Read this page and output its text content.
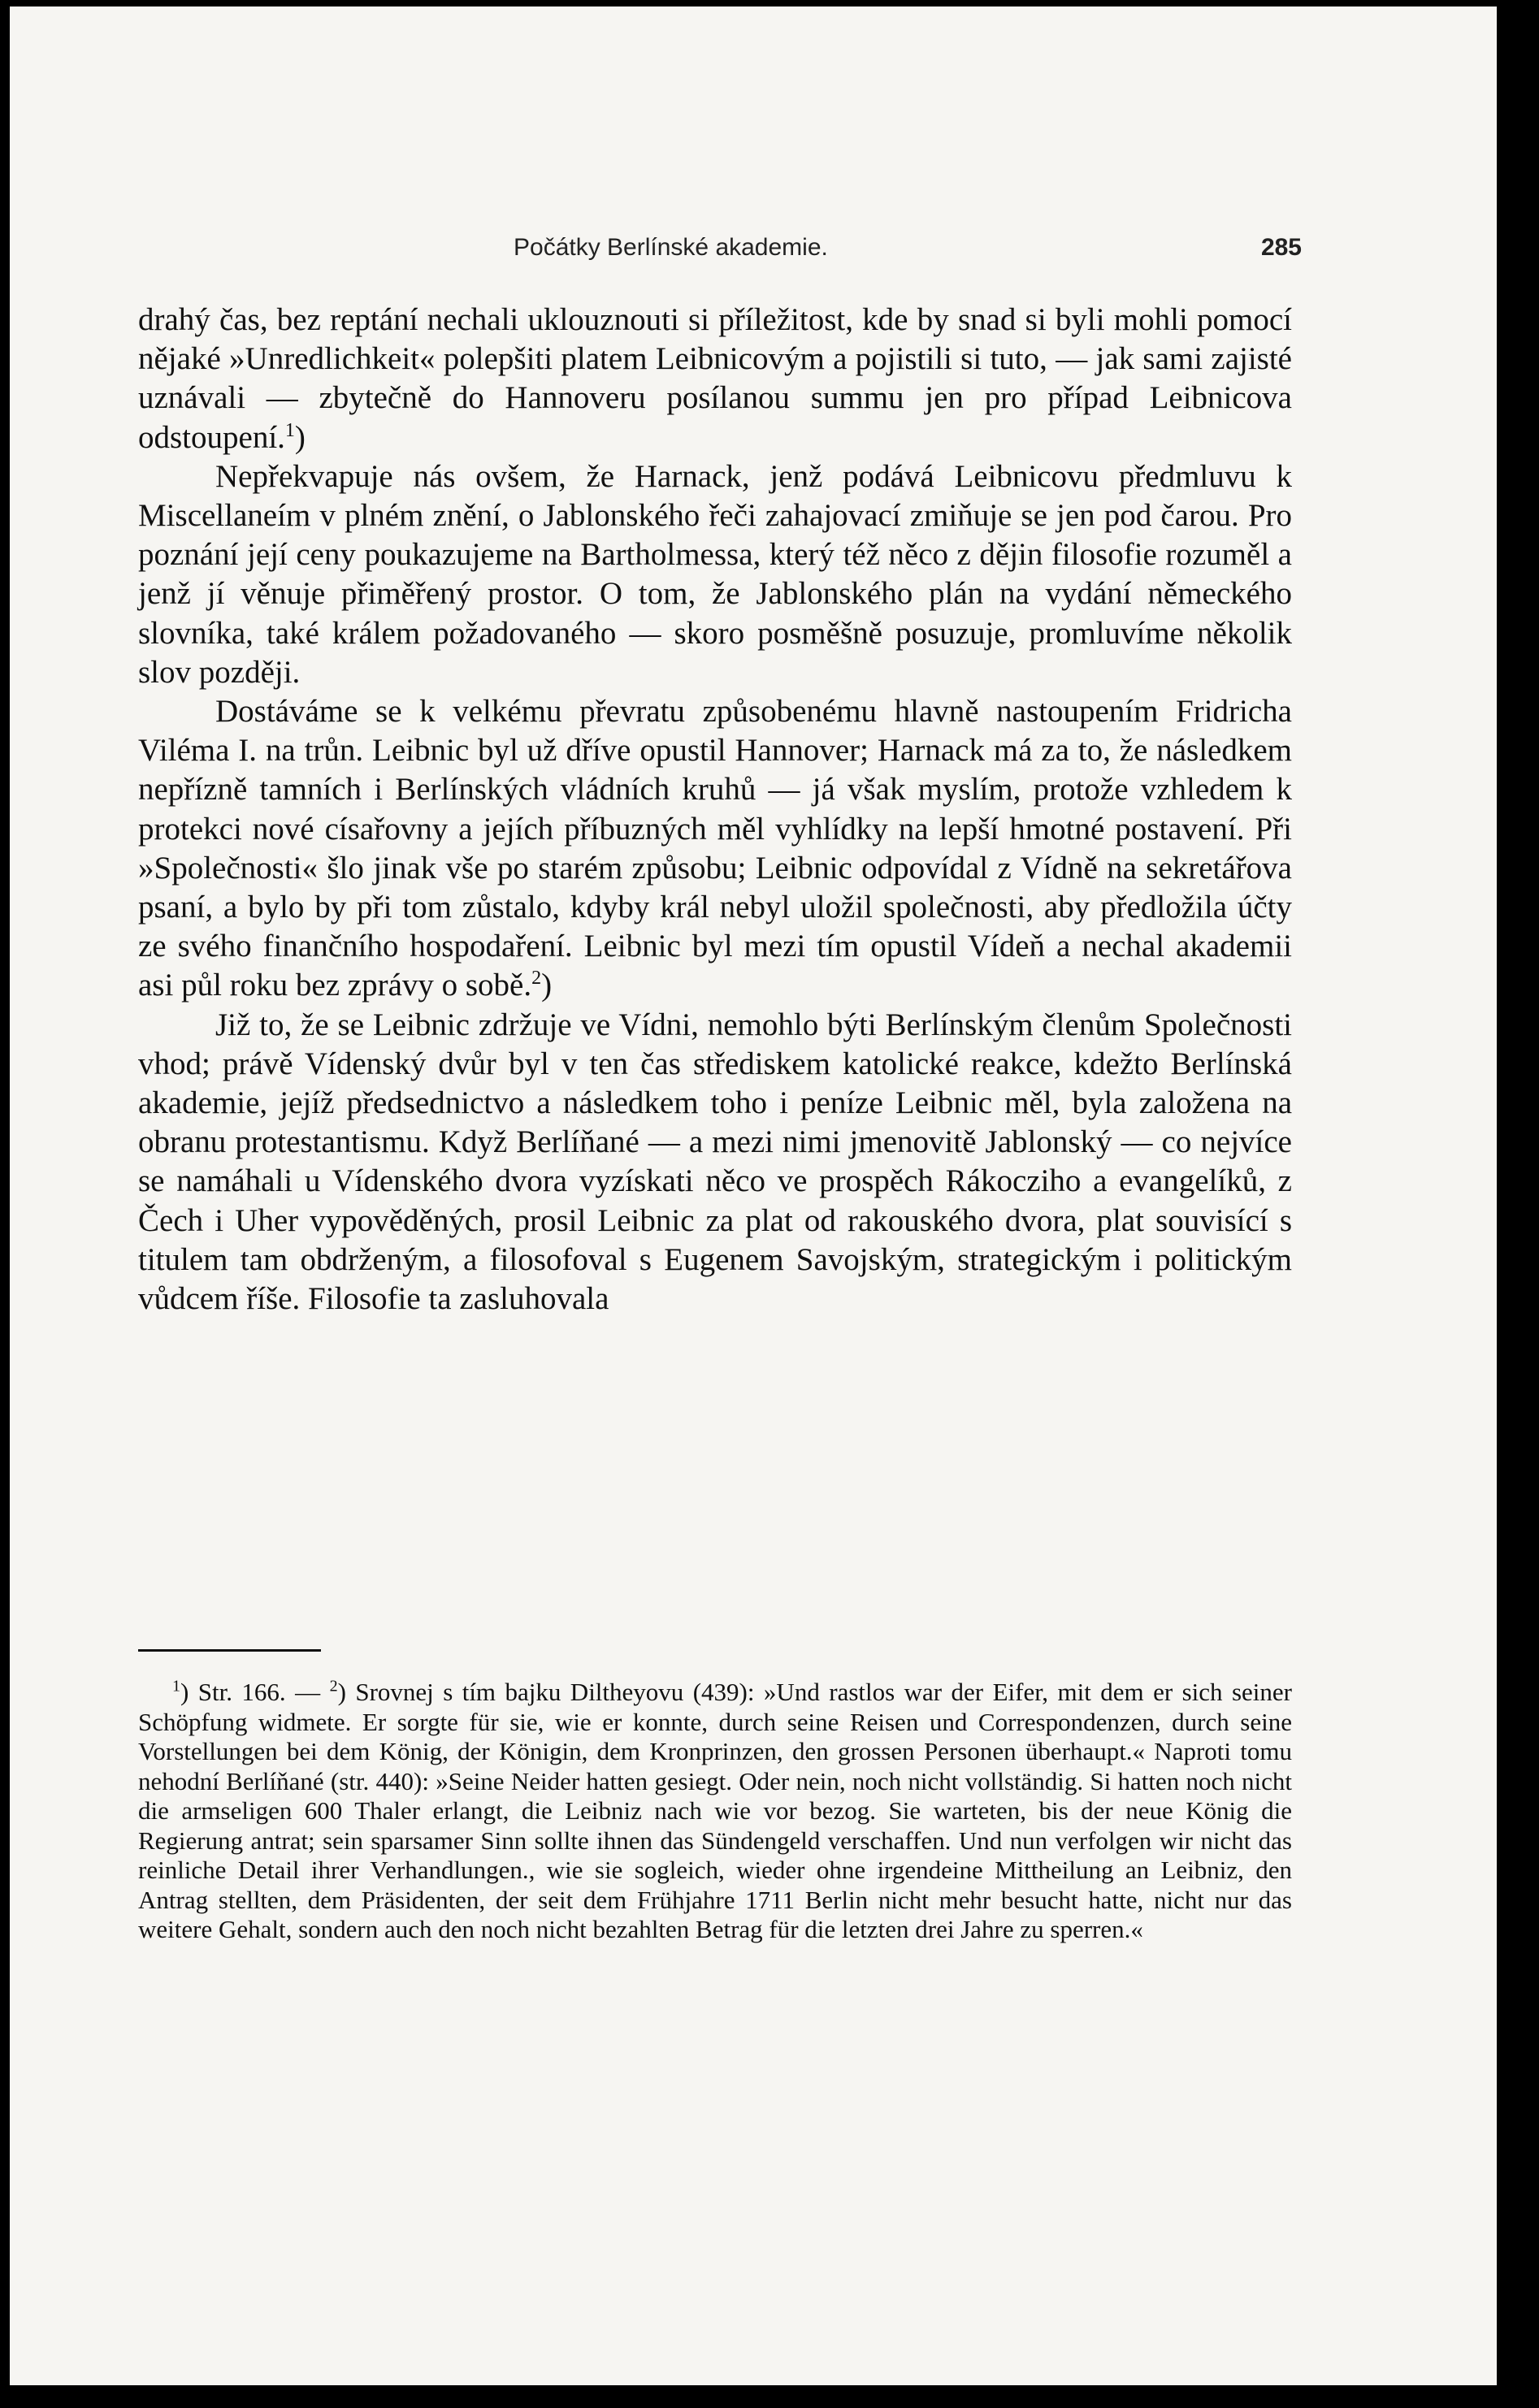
Počátky Berlínské akademie.	285

drahý čas, bez reptání nechali uklouznouti si příležitost, kde by snad si byli mohli pomocí nějaké »Unredlichkeit« polepšiti platem Leibnicovým a pojistili si tuto, — jak sami zajisté uznávali — zbytečně do Hannoveru posílanou summu jen pro případ Leibnicova odstoupení.$^1$)

Nepřekvapuje nás ovšem, že Harnack, jenž podává Leibnicovu předmluvu k Miscellaneím v plném znění, o Jablonského řeči zahajovací zmiňuje se jen pod čarou. Pro poznání její ceny poukazujeme na Bartholmessa, který též něco z dějin filosofie rozuměl a jenž jí věnuje přiměřený prostor. O tom, že Jablonského plán na vydání německého slovníka, také králem požadovaného — skoro posměšně posuzuje, promluvíme několik slov později.

Dostáváme se k velkému převratu způsobenému hlavně nastoupením Fridricha Viléma I. na trůn. Leibnic byl už dříve opustil Hannover; Harnack má za to, že následkem nepřízně tamních i Berlínských vládních kruhů — já však myslím, protože vzhledem k protekci nové císařovny a jejích příbuzných měl vyhlídky na lepší hmotné postavení. Při »Společnosti« šlo jinak vše po starém způsobu; Leibnic odpovídal z Vídně na sekretářova psaní, a bylo by při tom zůstalo, kdyby král nebyl uložil společnosti, aby předložila účty ze svého finančního hospodaření. Leibnic byl mezi tím opustil Vídeň a nechal akademii asi půl roku bez zprávy o sobě.$^2$)

Již to, že se Leibnic zdržuje ve Vídni, nemohlo býti Berlínským členům Společnosti vhod; právě Vídenský dvůr byl v ten čas střediskem katolické reakce, kdežto Berlínská akademie, jejíž předsednictvo a následkem toho i peníze Leibnic měl, byla založena na obranu protestantismu. Když Berlíňané — a mezi nimi jmenovitě Jablonský — co nejvíce se namáhali u Vídenského dvora vyzískati něco ve prospěch Rákocziho a evangelíků, z Čech i Uher vypověděných, prosil Leibnic za plat od rakouského dvora, plat souvisící s titulem tam obdrženým, a filosofoval s Eugenem Savojským, strategickým i politickým vůdcem říše. Filosofie ta zasluhovala

$^1$) Str. 166. — $^2$) Srovnej s tím bajku Diltheyovu (439): »Und rastlos war der Eifer, mit dem er sich seiner Schöpfung widmete. Er sorgte für sie, wie er konnte, durch seine Reisen und Correspondenzen, durch seine Vorstellungen bei dem König, der Königin, dem Kronprinzen, den grossen Personen überhaupt.« Naproti tomu nehodní Berlíňané (str. 440): »Seine Neider hatten gesiegt. Oder nein, noch nicht vollständig. Si hatten noch nicht die armseligen 600 Thaler erlangt, die Leibniz nach wie vor bezog. Sie warteten, bis der neue König die Regierung antrat; sein sparsamer Sinn sollte ihnen das Sündengeld verschaffen. Und nun verfolgen wir nicht das reinliche Detail ihrer Verhandlungen., wie sie sogleich, wieder ohne irgendeine Mittheilung an Leibniz, den Antrag stellten, dem Präsidenten, der seit dem Frühjahre 1711 Berlin nicht mehr besucht hatte, nicht nur das weitere Gehalt, sondern auch den noch nicht bezahlten Betrag für die letzten drei Jahre zu sperren.«
